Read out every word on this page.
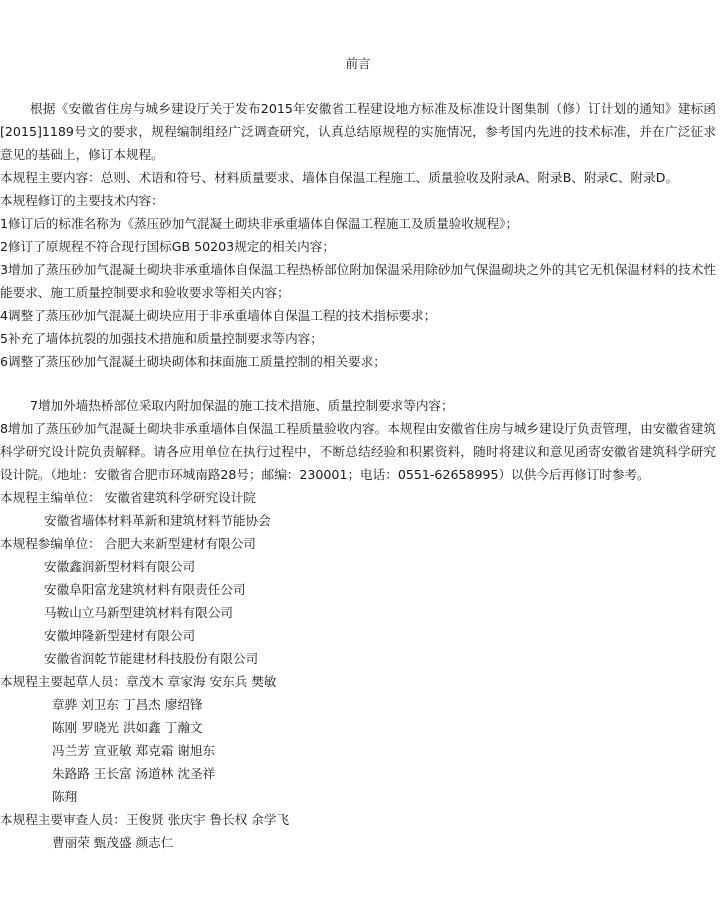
前言
根据《安徽省住房与城乡建设厅关于发布2015年安徽省工程建设地方标准及标准设计图集制（修）订计划的通知》建标函[2015]1189号文的要求，规程编制组经广泛调查研究，认真总结原规程的实施情况，参考国内先进的技术标准，并在广泛征求意见的基础上，修订本规程。
本规程主要内容：总则、术语和符号、材料质量要求、墙体自保温工程施工、质量验收及附录A、附录B、附录C、附录D。
本规程修订的主要技术内容：
1修订后的标准名称为《蒸压砂加气混凝土砌块非承重墙体自保温工程施工及质量验收规程》；
2修订了原规程不符合现行国标GB 50203规定的相关内容；
3增加了蒸压砂加气混凝土砌块非承重墙体自保温工程热桥部位附加保温采用除砂加气保温砌块之外的其它无机保温材料的技术性能要求、施工质量控制要求和验收要求等相关内容；
4调整了蒸压砂加气混凝土砌块应用于非承重墙体自保温工程的技术指标要求；
5补充了墙体抗裂的加强技术措施和质量控制要求等内容；
6调整了蒸压砂加气混凝土砌块砌体和抹面施工质量控制的相关要求；
7增加外墙热桥部位采取内附加保温的施工技术措施、质量控制要求等内容；
8增加了蒸压砂加气混凝土砌块非承重墙体自保温工程质量验收内容。本规程由安徽省住房与城乡建设厅负责管理，由安徽省建筑科学研究设计院负责解释。请各应用单位在执行过程中，不断总结经验和积累资料，随时将建议和意见函寄安徽省建筑科学研究设计院。（地址：安徽省合肥市环城南路28号；邮编：230001；电话：0551-62658995）以供今后再修订时参考。
本规程主编单位： 安徽省建筑科学研究设计院
安徽省墙体材料革新和建筑材料节能协会
本规程参编单位： 合肥大来新型建材有限公司
安徽鑫润新型材料有限公司
安徽阜阳富龙建筑材料有限责任公司
马鞍山立马新型建筑材料有限公司
安徽坤隆新型建材有限公司
安徽省润乾节能建材科技股份有限公司
本规程主要起草人员：章茂木 章家海 安东兵 樊敏
章骅 刘卫东 丁昌杰 廖绍锋
陈刚 罗晓光 洪如鑫 丁瀚文
冯兰芳 宣亚敏 郑克霜 谢旭东
朱路路 王长富 汤道林 沈圣祥
陈翔
本规程主要审查人员：王俊贤 张庆宇 鲁长权 余学飞
曹丽荣 甄茂盛 颜志仁
